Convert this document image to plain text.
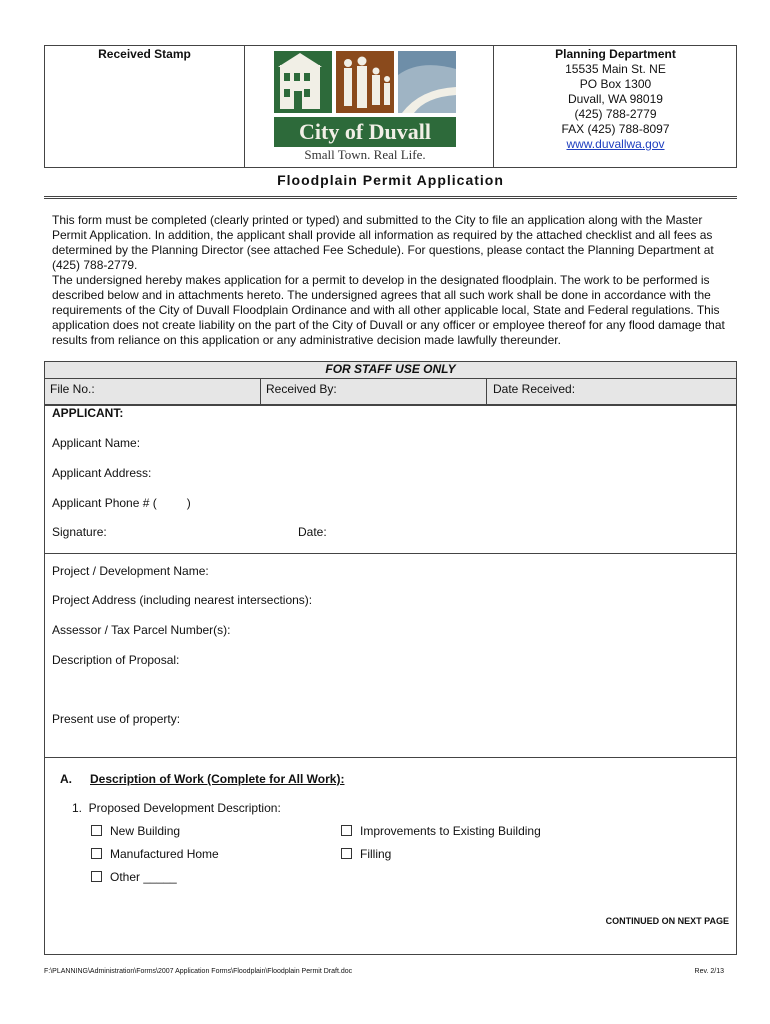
Received Stamp
City of Duvall
Small Town. Real Life.
Planning Department
15535 Main St. NE
PO Box 1300
Duvall, WA 98019
(425) 788-2779
FAX (425) 788-8097
www.duvallwa.gov
Floodplain Permit Application
This form must be completed (clearly printed or typed) and submitted to the City to file an application along with the Master Permit Application. In addition, the applicant shall provide all information as required by the attached checklist and all fees as determined by the Planning Director (see attached Fee Schedule). For questions, please contact the Planning Department at (425) 788-2779.
The undersigned hereby makes application for a permit to develop in the designated floodplain. The work to be performed is described below and in attachments hereto. The undersigned agrees that all such work shall be done in accordance with the requirements of the City of Duvall Floodplain Ordinance and with all other applicable local, State and Federal regulations. This application does not create liability on the part of the City of Duvall or any officer or employee thereof for any flood damage that results from reliance on this application or any administrative decision made lawfully thereunder.
FOR STAFF USE ONLY
File No.:	Received By:	Date Received:
APPLICANT:
Applicant Name:
Applicant Address:
Applicant Phone # (         )
Signature:	Date:
Project / Development Name:
Project Address (including nearest intersections):
Assessor / Tax Parcel Number(s):
Description of Proposal:
Present use of property:
A. Description of Work (Complete for All Work):
1.  Proposed Development Description:
New Building
Manufactured Home
Other _____
Improvements to Existing Building
Filling
CONTINUED ON NEXT PAGE
F:\PLANNING\Administration\Forms\2007 Application Forms\Floodplain\Floodplain Permit Draft.doc	Rev. 2/13
